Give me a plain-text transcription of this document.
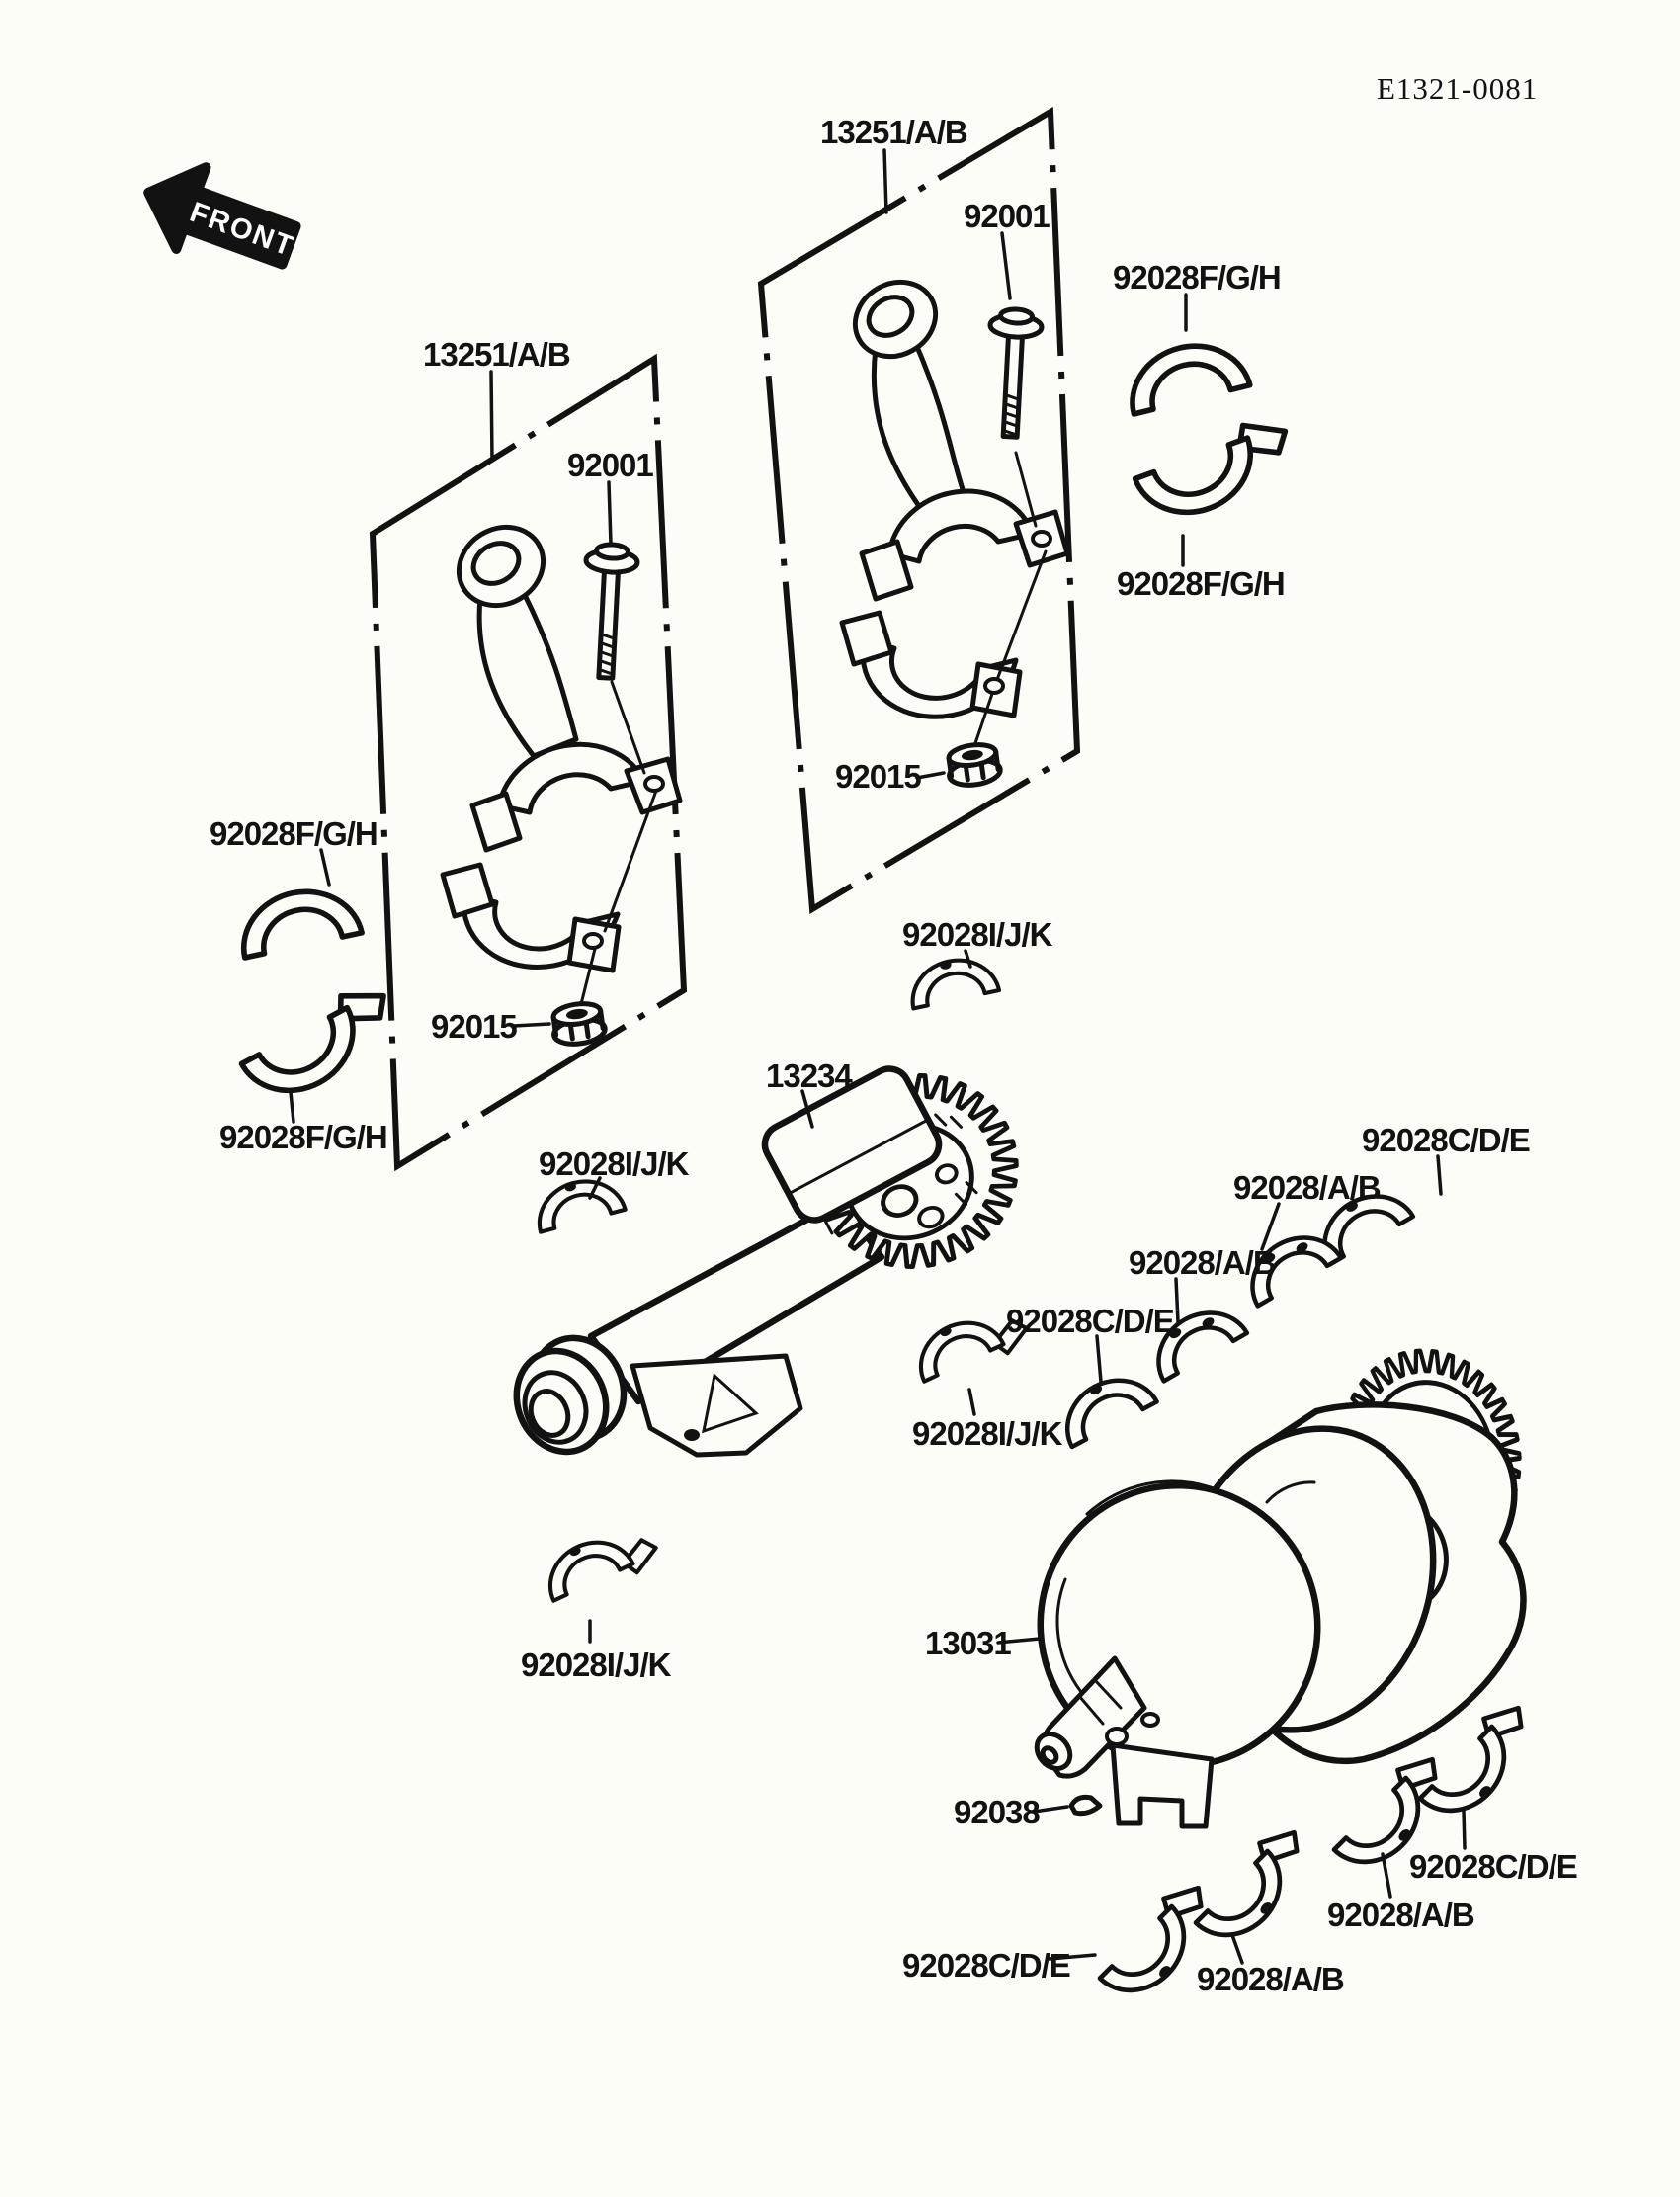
E1321-0081
FRONT
13251/A/B
92001
13251/A/B
92001
92028F/G/H
92028F/G/H
92028F/G/H
92028F/G/H
92015
92015
92028I/J/K
92028I/J/K
13234
92028I/J/K
92028I/J/K
92028C/D/E
92028/A/B
92028/A/B
92028C/D/E
13031
92038
92028C/D/E	92028/A/B
92028/A/B
92028C/D/E
